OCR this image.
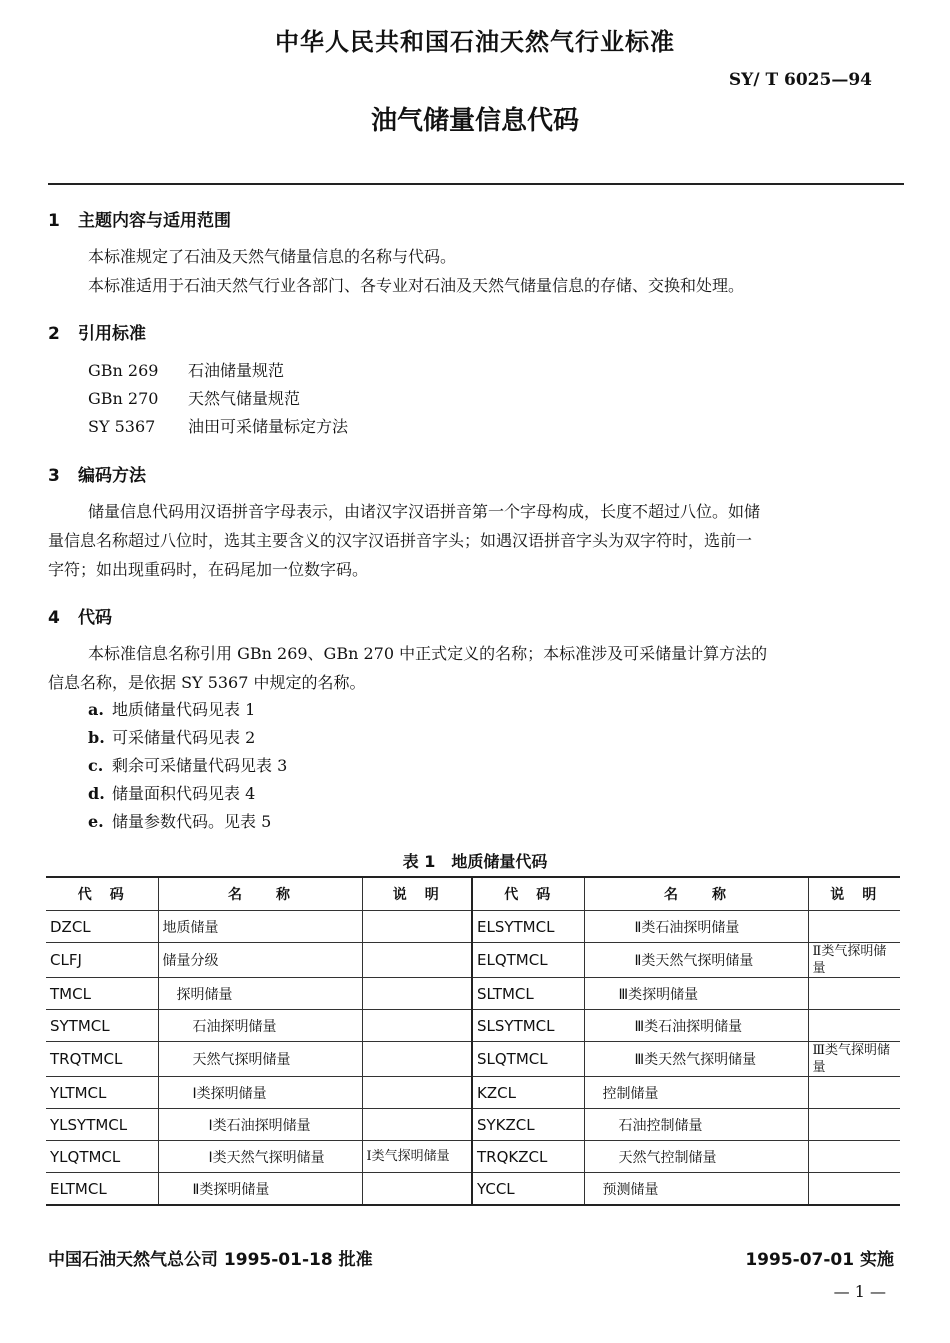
中华人民共和国石油天然气行业标准
SY/ T 6025—94
油气储量信息代码
1 主题内容与适用范围
本标准规定了石油及天然气储量信息的名称与代码。
本标准适用于石油天然气行业各部门、各专业对石油及天然气储量信息的存储、交换和处理。
2 引用标准
GBn 269 石油储量规范
GBn 270 天然气储量规范
SY 5367 油田可采储量标定方法
3 编码方法
储量信息代码用汉语拼音字母表示，由诸汉字汉语拼音第一个字母构成，长度不超过八位。如储
量信息名称超过八位时，选其主要含义的汉字汉语拼音字头；如遇汉语拼音字头为双字符时，选前一
字符；如出现重码时，在码尾加一位数字码。
4 代码
本标准信息名称引用 GBn 269、GBn 270 中正式定义的名称；本标准涉及可采储量计算方法的
信息名称，是依据 SY 5367 中规定的名称。
a. 地质储量代码见表 1
b. 可采储量代码见表 2
c. 剩余可采储量代码见表 3
d. 储量面积代码见表 4
e. 储量参数代码。见表 5
表 1　地质储量代码
代　码	名　　称	说　明	代　码	名　　称	说　明
DZCL	地质储量		ELSYTMCL	Ⅱ类石油探明储量	
CLFJ	储量分级		ELQTMCL	Ⅱ类天然气探明储量	Ⅱ类气探明储量
TMCL	探明储量		SLTMCL	Ⅲ类探明储量	
SYTMCL	石油探明储量		SLSYTMCL	Ⅲ类石油探明储量	
TRQTMCL	天然气探明储量		SLQTMCL	Ⅲ类天然气探明储量	Ⅲ类气探明储量
YLTMCL	Ⅰ类探明储量		KZCL	控制储量	
YLSYTMCL	Ⅰ类石油探明储量		SYKZCL	石油控制储量	
YLQTMCL	Ⅰ类天然气探明储量	Ⅰ类气探明储量	TRQKZCL	天然气控制储量	
ELTMCL	Ⅱ类探明储量		YCCL	预测储量	
中国石油天然气总公司 1995-01-18 批准	1995-07-01 实施
— 1 —
